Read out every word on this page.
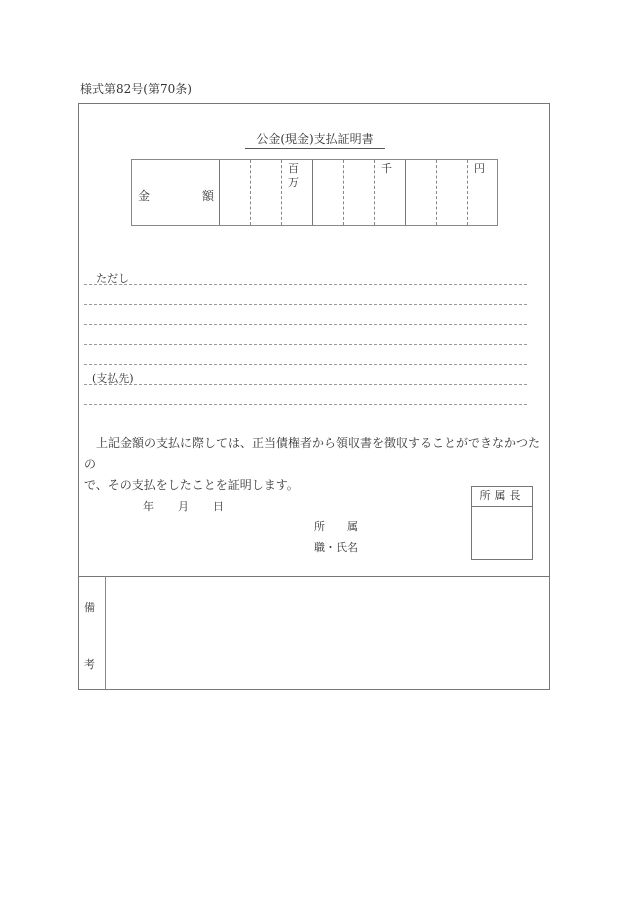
様式第82号(第70条)
公金(現金)支払証明書
金	額
百
万
千	円
ただし
(支払先)
上記金額の支払に際しては、正当債権者から領収書を徴収することができなかつたの
で、その支払をしたことを証明します。
年 月 日
所　　属
職・氏名
所属長
備
考
